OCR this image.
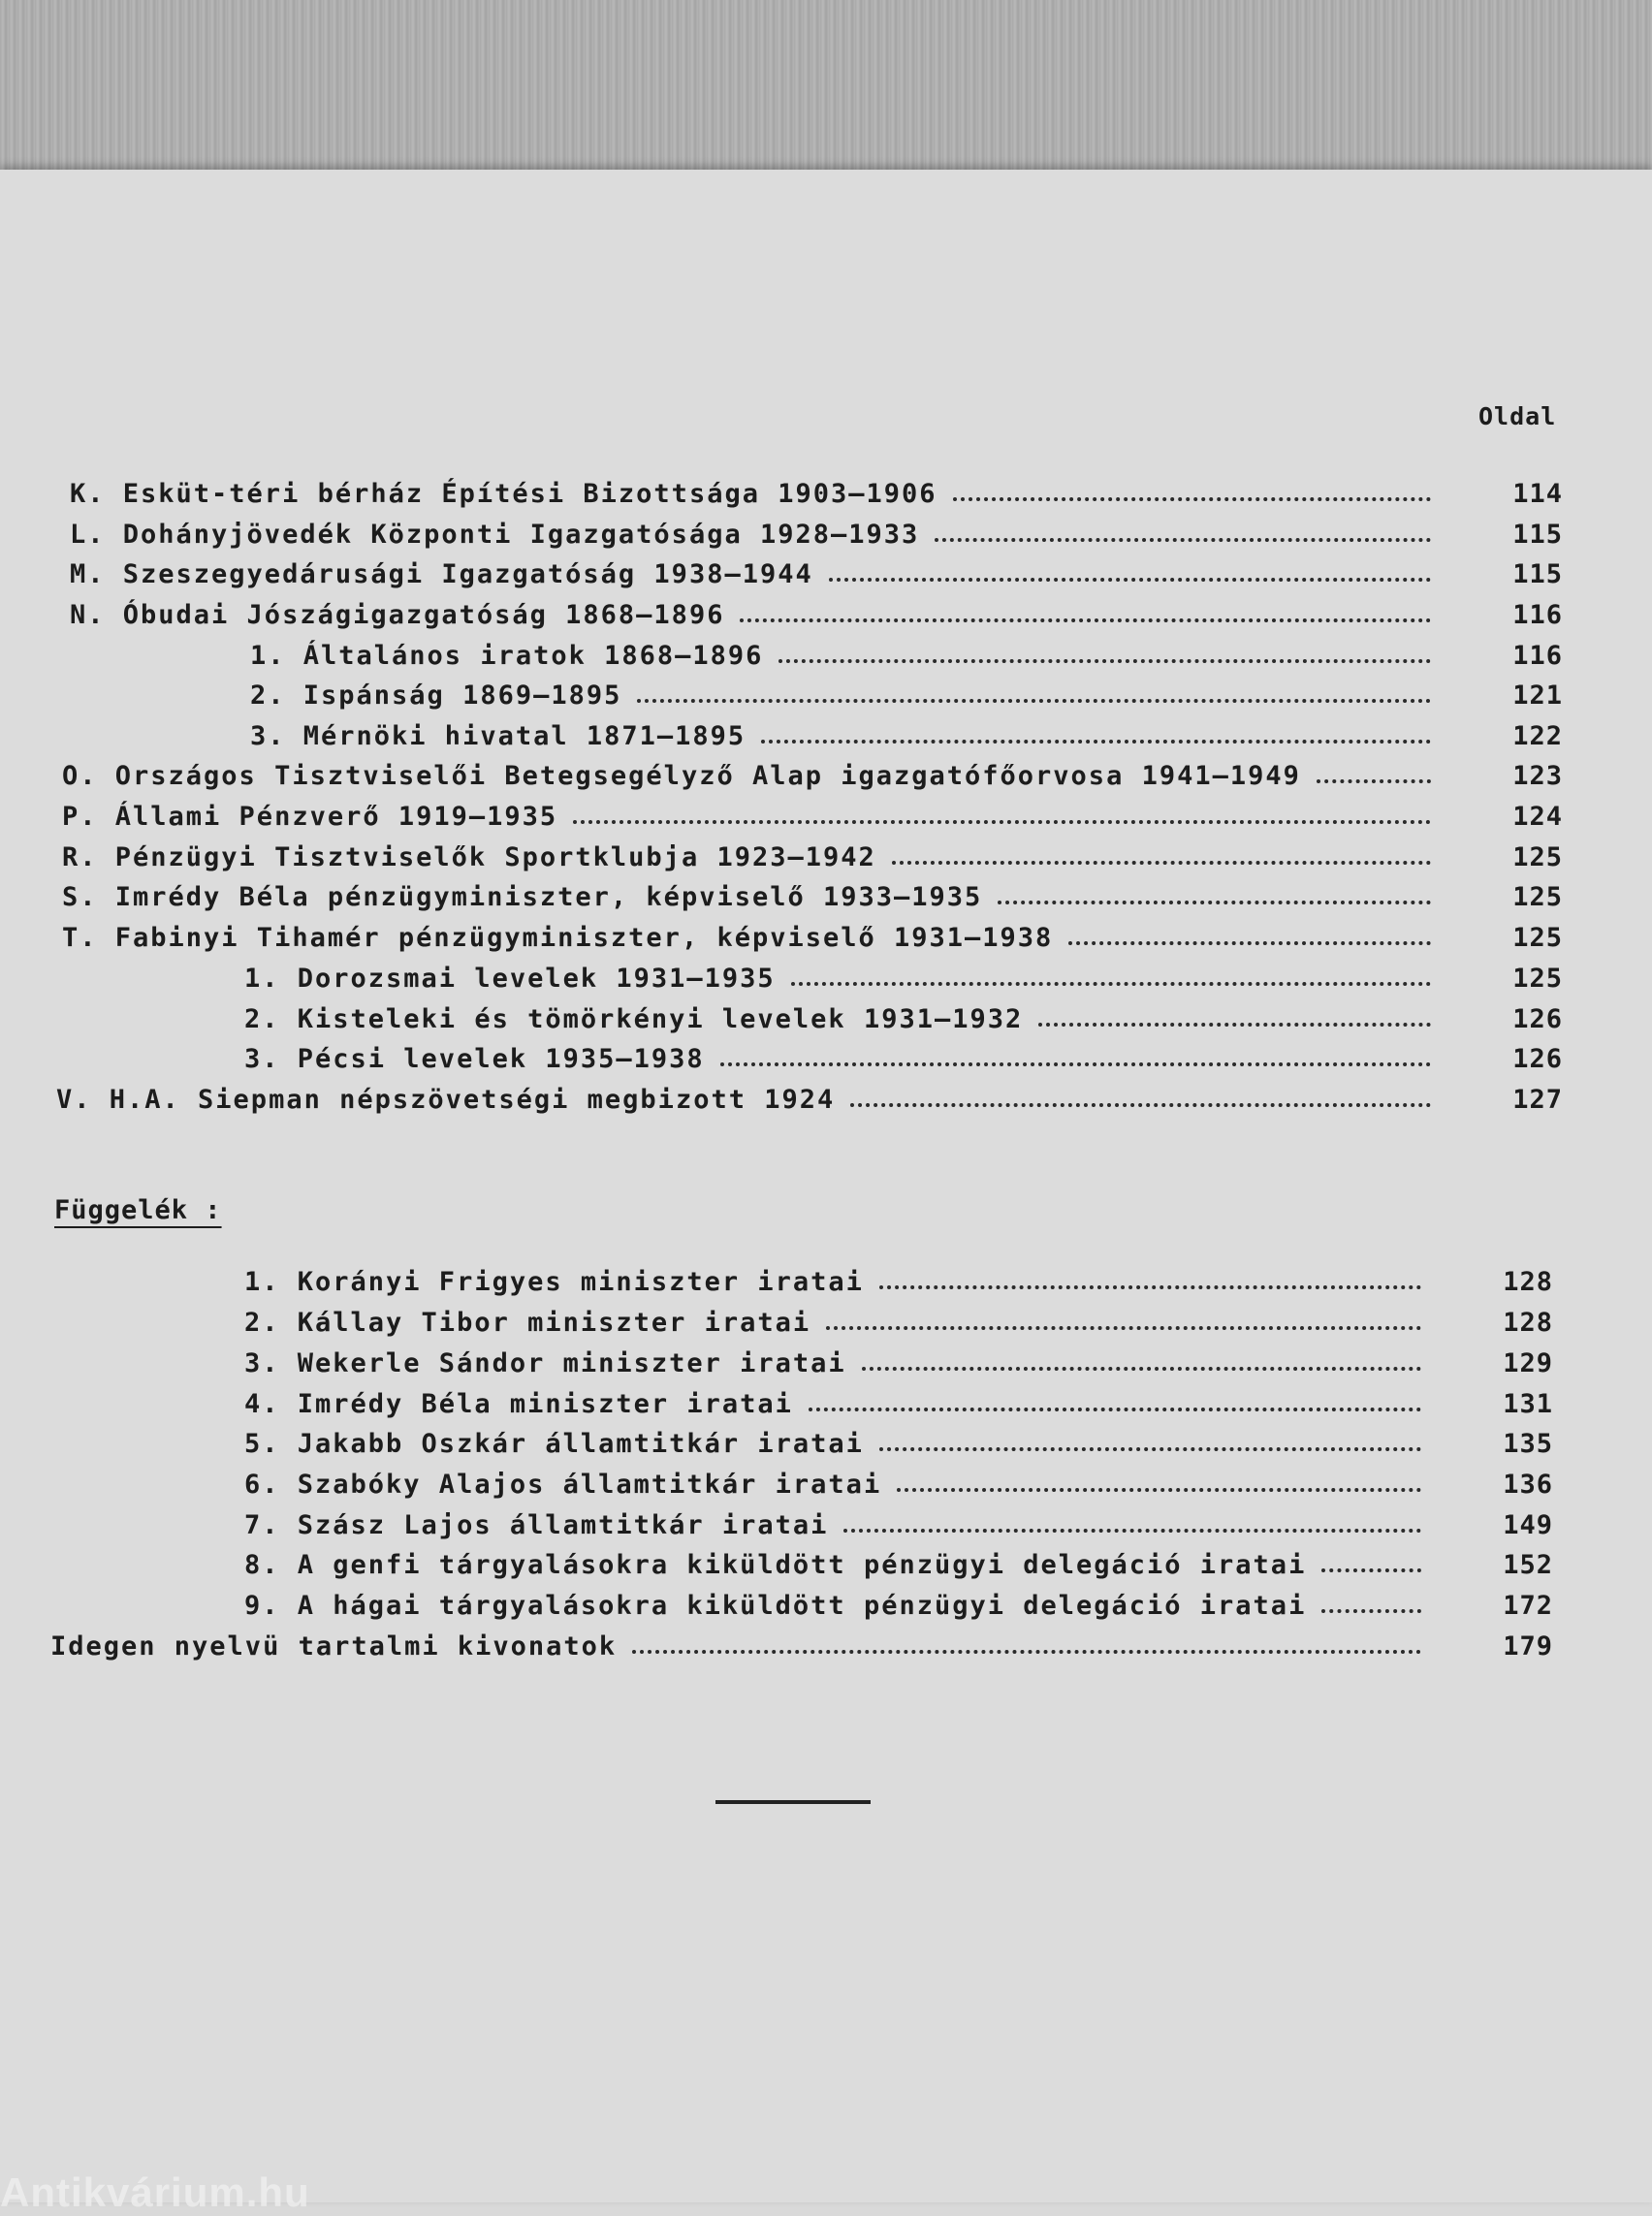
Oldal
K. Esküt-téri bérház Építési Bizottsága 1903–1906	114
L. Dohányjövedék Központi Igazgatósága 1928–1933	115
M. Szeszegyedárusági Igazgatóság 1938–1944	115
N. Óbudai Jószágigazgatóság 1868–1896	116
1. Általános iratok 1868–1896	116
2. Ispánság 1869–1895	121
3. Mérnöki hivatal 1871–1895	122
O. Országos Tisztviselői Betegsegélyző Alap igazgatófőorvosa 1941–1949	123
P. Állami Pénzverő 1919–1935	124
R. Pénzügyi Tisztviselők Sportklubja 1923–1942	125
S. Imrédy Béla pénzügyminiszter, képviselő 1933–1935	125
T. Fabinyi Tihamér pénzügyminiszter, képviselő 1931–1938	125
1. Dorozsmai levelek 1931–1935	125
2. Kisteleki és tömörkényi levelek 1931–1932	126
3. Pécsi levelek 1935–1938	126
V. H.A. Siepman népszövetségi megbizott 1924	127
Függelék :
1. Korányi Frigyes miniszter iratai	128
2. Kállay Tibor miniszter iratai	128
3. Wekerle Sándor miniszter iratai	129
4. Imrédy Béla miniszter iratai	131
5. Jakabb Oszkár államtitkár iratai	135
6. Szabóky Alajos államtitkár iratai	136
7. Szász Lajos államtitkár iratai	149
8. A genfi tárgyalásokra kiküldött pénzügyi delegáció iratai	152
9. A hágai tárgyalásokra kiküldött pénzügyi delegáció iratai	172
Idegen nyelvü tartalmi kivonatok	179
Antikvárium.hu
